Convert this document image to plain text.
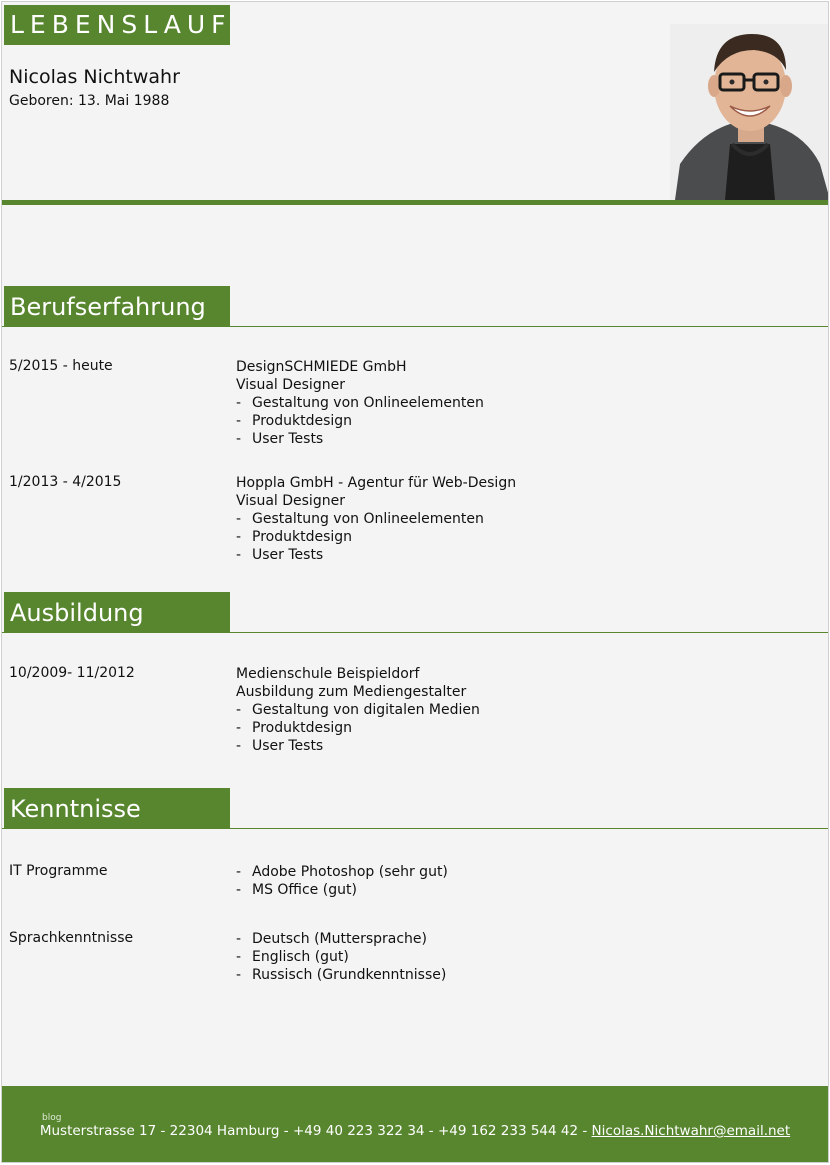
LEBENSLAUF
Nicolas Nichtwahr
Geboren: 13. Mai 1988
Berufserfahrung
5/2015 - heute	DesignSCHMIEDE GmbH
Visual Designer
- Gestaltung von Onlineelementen
- Produktdesign
- User Tests
1/2013 - 4/2015	Hoppla GmbH - Agentur für Web-Design
Visual Designer
- Gestaltung von Onlineelementen
- Produktdesign
- User Tests
Ausbildung
10/2009- 11/2012	Medienschule Beispieldorf
Ausbildung zum Mediengestalter
- Gestaltung von digitalen Medien
- Produktdesign
- User Tests
Kenntnisse
IT Programme	- Adobe Photoshop (sehr gut)
- MS Office (gut)
Sprachkenntnisse	- Deutsch (Muttersprache)
- Englisch (gut)
- Russisch (Grundkenntnisse)
blog
Musterstrasse 17 - 22304 Hamburg - +49 40 223 322 34 - +49 162 233 544 42 - Nicolas.Nichtwahr@email.net
